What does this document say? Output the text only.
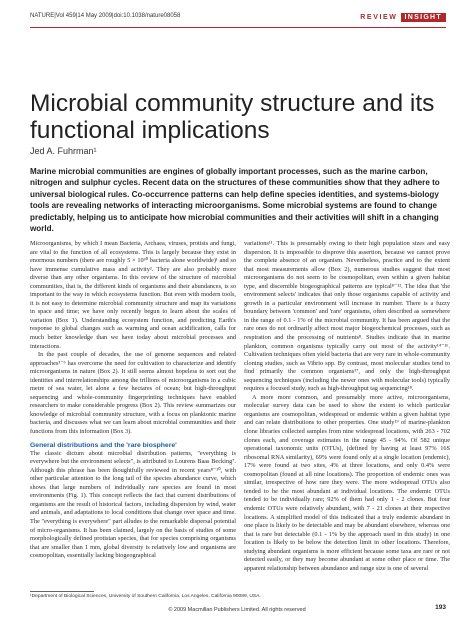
NATURE|Vol 459|14 May 2009|doi:10.1038/nature08058	REVIEW	INSIGHT
Microbial community structure and its functional implications
Jed A. Fuhrman¹

Marine microbial communities are engines of globally important processes, such as the marine carbon, nitrogen and sulphur cycles. Recent data on the structures of these communities show that they adhere to universal biological rules. Co-occurrence patterns can help define species identities, and systems-biology tools are revealing networks of interacting microorganisms. Some microbial systems are found to change predictably, helping us to anticipate how microbial communities and their activities will shift in a changing world.

Microorganisms, by which I mean Bacteria, Archaea, viruses, protists and fungi, are vital to the function of all ecosystems. This is largely because they exist in enormous numbers (there are roughly 5 × 10³⁰ bacteria alone worldwide)¹ and so have immense cumulative mass and activity². They are also probably more diverse than any other organisms. In this review of the structure of microbial communities, that is, the different kinds of organisms and their abundances, is so important to the way in which ecosystems function. But even with modern tools, it is not easy to determine microbial community structure and map its variations in space and time; we have only recently begun to learn about the scales of variation (Box 1). Understanding ecosystem function, and predicting Earth's response to global changes such as warming and ocean acidification, calls for much better knowledge than we have today about microbial processes and interactions.

In the past couple of decades, the use of genome sequences and related approaches³⁻⁶ has overcome the need for cultivation to characterize and identify microorganisms in nature (Box 2). It still seems almost hopeless to sort out the identities and interrelationships among the trillions of microorganisms in a cubic metre of sea water, let alone a few hectares of ocean; but high-throughput sequencing and whole-community fingerprinting techniques have enabled researchers to make considerable progress (Box 2). This review summarizes our knowledge of microbial community structure, with a focus on planktonic marine bacteria, and discusses what we can learn about microbial communities and their functions from this information (Box 3).

General distributions and the 'rare biosphere'

The classic dictum about microbial distribution patterns, "everything is everywhere but the environment selects", is attributed to Lourens Baas Becking⁷. Although this phrase has been thoughtfully reviewed in recent years⁸⁻¹⁰, with other particular attention to the long tail of the species abundance curve, which shows that large numbers of individually rare species are found in most environments (Fig. 1). This concept reflects the fact that current distributions of organisms are the result of historical factors, including dispersion by wind, water and animals, and adaptations to local conditions that change over space and time. The "everything is everywhere" part alludes to the remarkable dispersal potential of micro-organisms. It has been claimed, largely on the basis of studies of some morphologically defined protistan species, that for species comprising organisms that are smaller than 1 mm, global diversity is relatively low and organisms are cosmopolitan, essentially lacking biogeographical

variations¹¹. This is presumably owing to their high population sizes and easy dispersion. It is impossible to disprove this assertion, because we cannot prove the complete absence of an organism. Nevertheless, practice and to the extent that most measurements allow (Box 2), numerous studies suggest that most microorganisms do not seem to be cosmopolitan, even within a given habitat type, and discernible biogeographical patterns are typical⁸⁻¹². The idea that 'the environment selects' indicates that only those organisms capable of activity and growth in a particular environment will increase in number. There is a fuzzy boundary between 'common' and 'rare' organisms, often described as somewhere in the range of 0.1 - 1% of the microbial community. It has been argued that the rare ones do not ordinarily affect most major biogeochemical processes, such as respiration and the processing of nutrients⁸. Studies indicate that in marine plankton, common organisms typically carry out most of the activity¹⁴⁻¹⁶. Cultivation techniques often yield bacteria that are very rare in whole-community cloning studies, such as Vibrio spp. By contrast, most molecular studies tend to find primarily the common organisms¹⁷, and only the high-throughput sequencing techniques (including the newer ones with molecular tools) typically requires a focused study, such as high-throughput tag sequencing¹⁸.

A more more common, and presumably more active, microorganisms, molecular survey data can be used to show the extent to which particular organisms are cosmopolitan, widespread or endemic within a given habitat type and can relate distributions to other properties. One study¹⁹ of marine-plankton clone libraries collected samples from nine widespread locations, with 263 - 702 clones each, and coverage estimates in the range 45 - 94%. Of 582 unique operational taxonomic units (OTUs), (defined by having at least 97% 16S ribosomal RNA similarity), 69% were found only at a single location (endemic), 17% were found at two sites, 4% at three locations, and only 0.4% were cosmopolitan (found at all nine locations). The proportion of endemic ones was similar, irrespective of how rare they were. The more widespread OTUs also tended to be the most abundant at individual locations. The endemic OTUs tended to be individually rare; 92% of them had only 1 - 2 clones. But four endemic OTUs were relatively abundant, with 7 - 21 clones at their respective locations. A simplified model of this indicated that a truly endemic abundant in one place is likely to be detectable and may be abundant elsewhere, whereas one that is rare but detectable (0.1 - 1% by the approach used in this study) in one location is likely to be below the detection limit in other locations. Therefore, studying abundant organisms is more efficient because some taxa are rare or not detected easily, or they may become abundant at some other place or time. The apparent relationship between abundance and range size is one of several

¹Department of Biological Sciences, University of Southern California, Los Angeles, California 90089, USA.
© 2009 Macmillan Publishers Limited. All rights reserved	193
